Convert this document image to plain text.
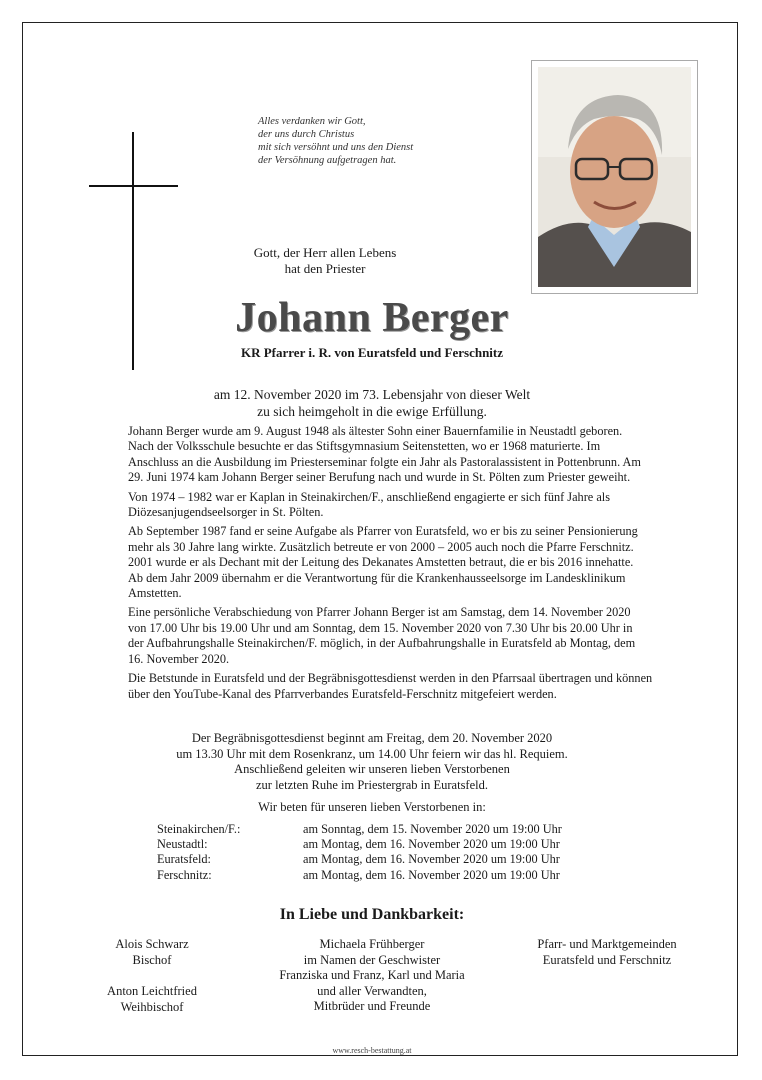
Alles verdanken wir Gott,
der uns durch Christus
mit sich versöhnt und uns den Dienst
der Versöhnung aufgetragen hat.
Gott, der Herr allen Lebens
hat den Priester
Johann Berger
KR Pfarrer i. R. von Euratsfeld und Ferschnitz
am 12. November 2020 im 73. Lebensjahr von dieser Welt
zu sich heimgeholt in die ewige Erfüllung.

Johann Berger wurde am 9. August 1948 als ältester Sohn einer Bauernfamilie in Neustadtl geboren. Nach der Volksschule besuchte er das Stiftsgymnasium Seitenstetten, wo er 1968 maturierte. Im Anschluss an die Ausbildung im Priesterseminar folgte ein Jahr als Pastoralassistent in Pottenbrunn. Am 29. Juni 1974 kam Johann Berger seiner Berufung nach und wurde in St. Pölten zum Priester geweiht.

Von 1974 – 1982 war er Kaplan in Steinakirchen/F., anschließend engagierte er sich fünf Jahre als Diözesanjugendseelsorger in St. Pölten.

Ab September 1987 fand er seine Aufgabe als Pfarrer von Euratsfeld, wo er bis zu seiner Pensionierung mehr als 30 Jahre lang wirkte. Zusätzlich betreute er von 2000 – 2005 auch noch die Pfarre Ferschnitz. 2001 wurde er als Dechant mit der Leitung des Dekanates Amstetten betraut, die er bis 2016 innehatte. Ab dem Jahr 2009 übernahm er die Verantwortung für die Krankenhausseelsorge im Landesklinikum Amstetten.

Eine persönliche Verabschiedung von Pfarrer Johann Berger ist am Samstag, dem 14. November 2020 von 17.00 Uhr bis 19.00 Uhr und am Sonntag, dem 15. November 2020 von 7.30 Uhr bis 20.00 Uhr in der Aufbahrungshalle Steinakirchen/F. möglich, in der Aufbahrungshalle in Euratsfeld ab Montag, dem 16. November 2020.

Die Betstunde in Euratsfeld und der Begräbnisgottesdienst werden in den Pfarrsaal übertragen und können über den YouTube-Kanal des Pfarrverbandes Euratsfeld-Ferschnitz mitgefeiert werden.

Der Begräbnisgottesdienst beginnt am Freitag, dem 20. November 2020
um 13.30 Uhr mit dem Rosenkranz, um 14.00 Uhr feiern wir das hl. Requiem.
Anschließend geleiten wir unseren lieben Verstorbenen
zur letzten Ruhe im Priestergrab in Euratsfeld.
Wir beten für unseren lieben Verstorbenen in:
Steinakirchen/F.:	am Sonntag, dem 15. November 2020 um 19:00 Uhr
Neustadtl:	am Montag, dem 16. November 2020 um 19:00 Uhr
Euratsfeld:	am Montag, dem 16. November 2020 um 19:00 Uhr
Ferschnitz:	am Montag, dem 16. November 2020 um 19:00 Uhr
In Liebe und Dankbarkeit:
Alois Schwarz
Bischof
Anton Leichtfried
Weihbischof
Michaela Frühberger
im Namen der Geschwister
Franziska und Franz, Karl und Maria
und aller Verwandten,
Mitbrüder und Freunde
Pfarr- und Marktgemeinden
Euratsfeld und Ferschnitz
www.resch-bestattung.at
